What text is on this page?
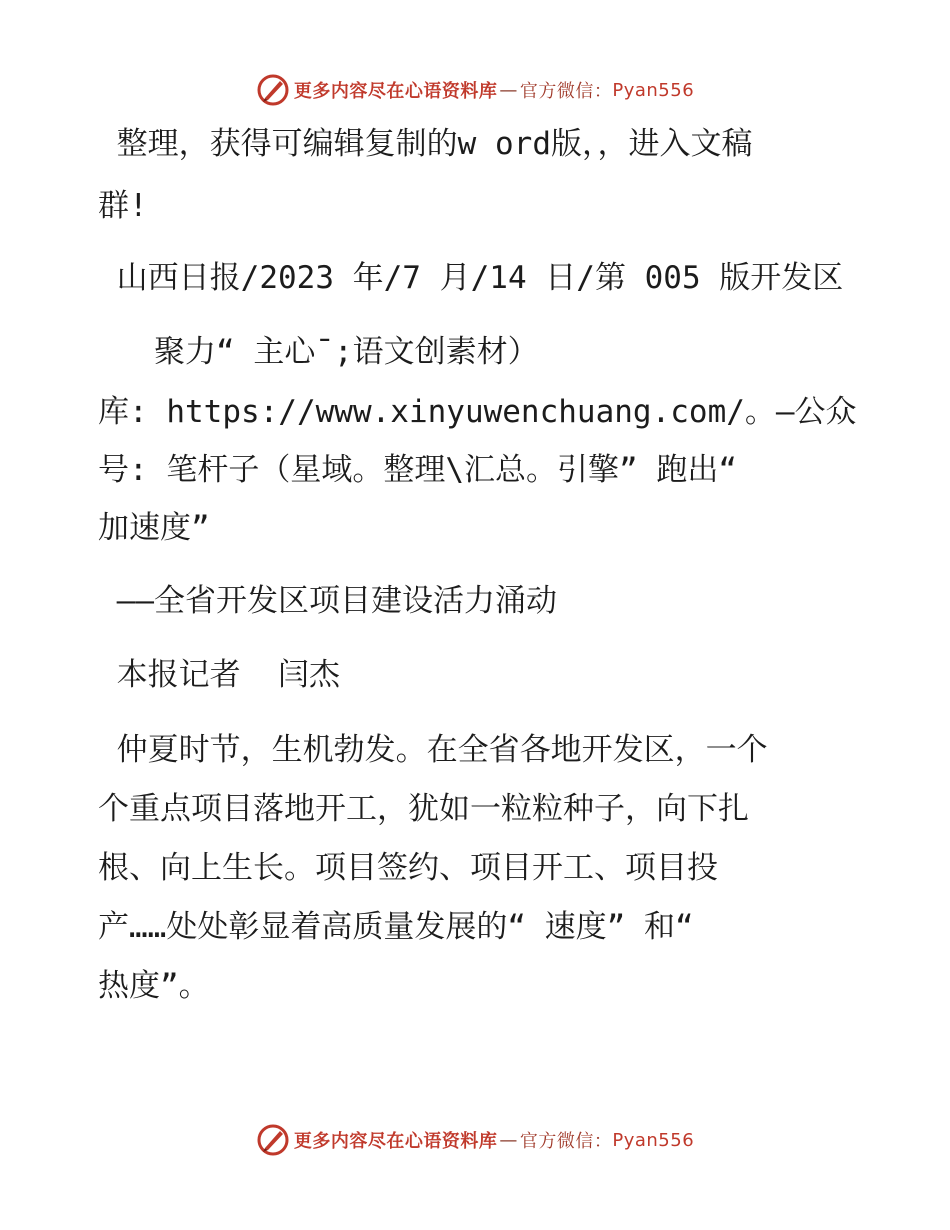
更多内容尽在心语资料库 — 官方微信： Pyan556
整理，获得可编辑复制的w ord版，，进入文稿
群!
山西日报/2023 年/7 月/14 日/第 005 版开发区
聚力“ 主心¯;语文创素材）
库: https://www.xinyuwenchuang.com/。—公众
号: 笔杆子（星域。整理\汇总。引擎” 跑出“
加速度”
——全省开发区项目建设活力涌动
本报记者  闫杰
仲夏时节，生机勃发。在全省各地开发区，一个
个重点项目落地开工，犹如一粒粒种子，向下扎
根、向上生长。项目签约、项目开工、项目投
产……处处彰显着高质量发展的“ 速度” 和“
热度”。
更多内容尽在心语资料库 — 官方微信： Pyan556
